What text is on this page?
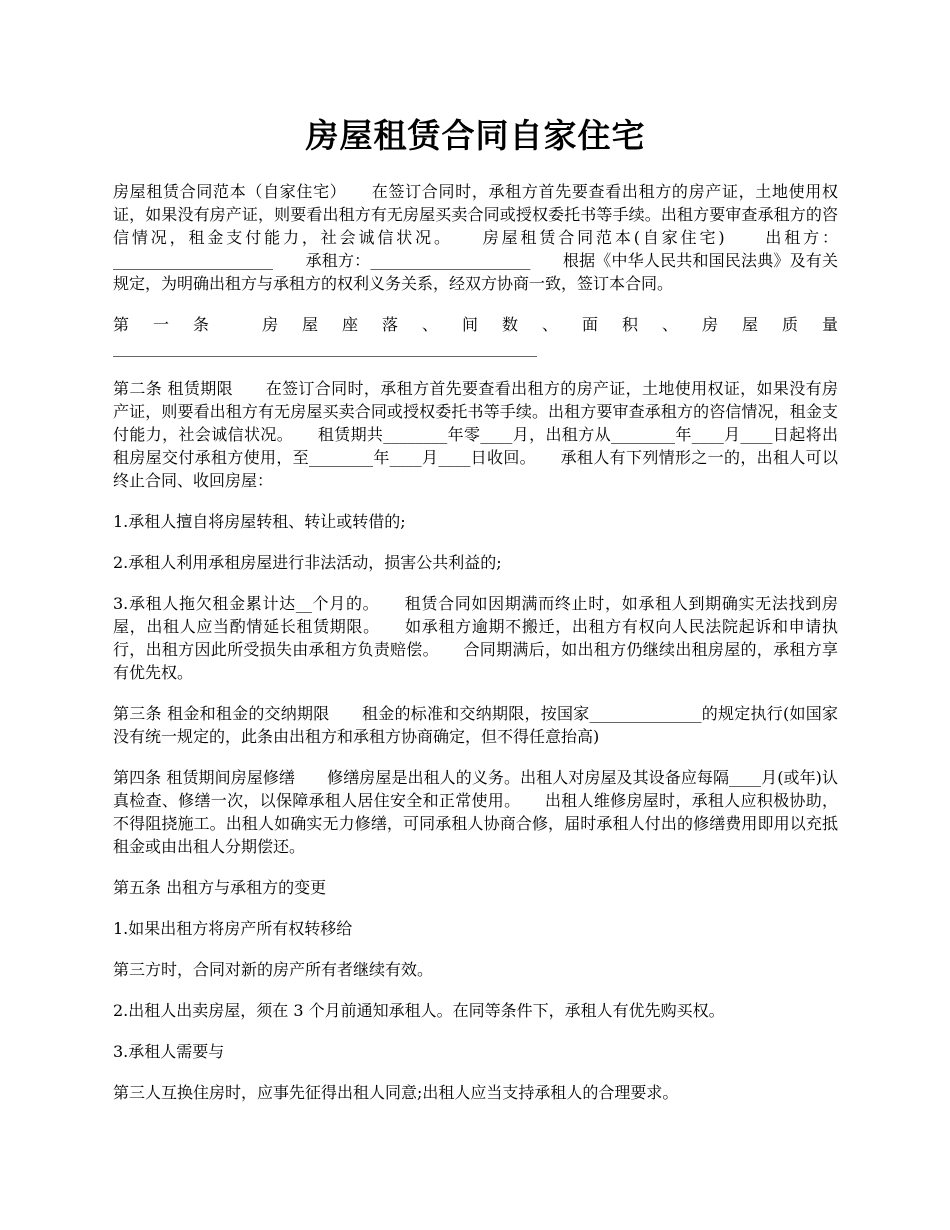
房屋租赁合同自家住宅

房屋租赁合同范本（自家住宅）　　在签订合同时，承租方首先要查看出租方的房产证，土地使用权证，如果没有房产证，则要看出租方有无房屋买卖合同或授权委托书等手续。出租方要审查承租方的咨信情况，租金支付能力，社会诚信状况。　　房屋租赁合同范本(自家住宅)　　出租方：____________________　　承租方：____________________　　根据《中华人民共和国民法典》及有关规定，为明确出租方与承租方的权利义务关系，经双方协商一致，签订本合同。

第一条 房屋座落、间数、面积、房屋质量　　_____________________________________________________

第二条 租赁期限　　在签订合同时，承租方首先要查看出租方的房产证，土地使用权证，如果没有房产证，则要看出租方有无房屋买卖合同或授权委托书等手续。出租方要审查承租方的咨信情况，租金支付能力，社会诚信状况。　　租赁期共________年零____月，出租方从________年____月____日起将出租房屋交付承租方使用，至________年____月____日收回。　　承租人有下列情形之一的，出租人可以终止合同、收回房屋：

1.承租人擅自将房屋转租、转让或转借的;

2.承租人利用承租房屋进行非法活动，损害公共利益的;

3.承租人拖欠租金累计达__个月的。　　租赁合同如因期满而终止时，如承租人到期确实无法找到房屋，出租人应当酌情延长租赁期限。　　如承租方逾期不搬迁，出租方有权向人民法院起诉和申请执行，出租方因此所受损失由承租方负责赔偿。　　合同期满后，如出租方仍继续出租房屋的，承租方享有优先权。

第三条 租金和租金的交纳期限　　租金的标准和交纳期限，按国家______________的规定执行(如国家没有统一规定的，此条由出租方和承租方协商确定，但不得任意抬高)

第四条 租赁期间房屋修缮　　修缮房屋是出租人的义务。出租人对房屋及其设备应每隔____月(或年)认真检查、修缮一次，以保障承租人居住安全和正常使用。　　出租人维修房屋时，承租人应积极协助，不得阻挠施工。出租人如确实无力修缮，可同承租人协商合修，届时承租人付出的修缮费用即用以充抵租金或由出租人分期偿还。

第五条 出租方与承租方的变更

1.如果出租方将房产所有权转移给

第三方时，合同对新的房产所有者继续有效。

2.出租人出卖房屋，须在 3 个月前通知承租人。在同等条件下，承租人有优先购买权。

3.承租人需要与

第三人互换住房时，应事先征得出租人同意;出租人应当支持承租人的合理要求。
